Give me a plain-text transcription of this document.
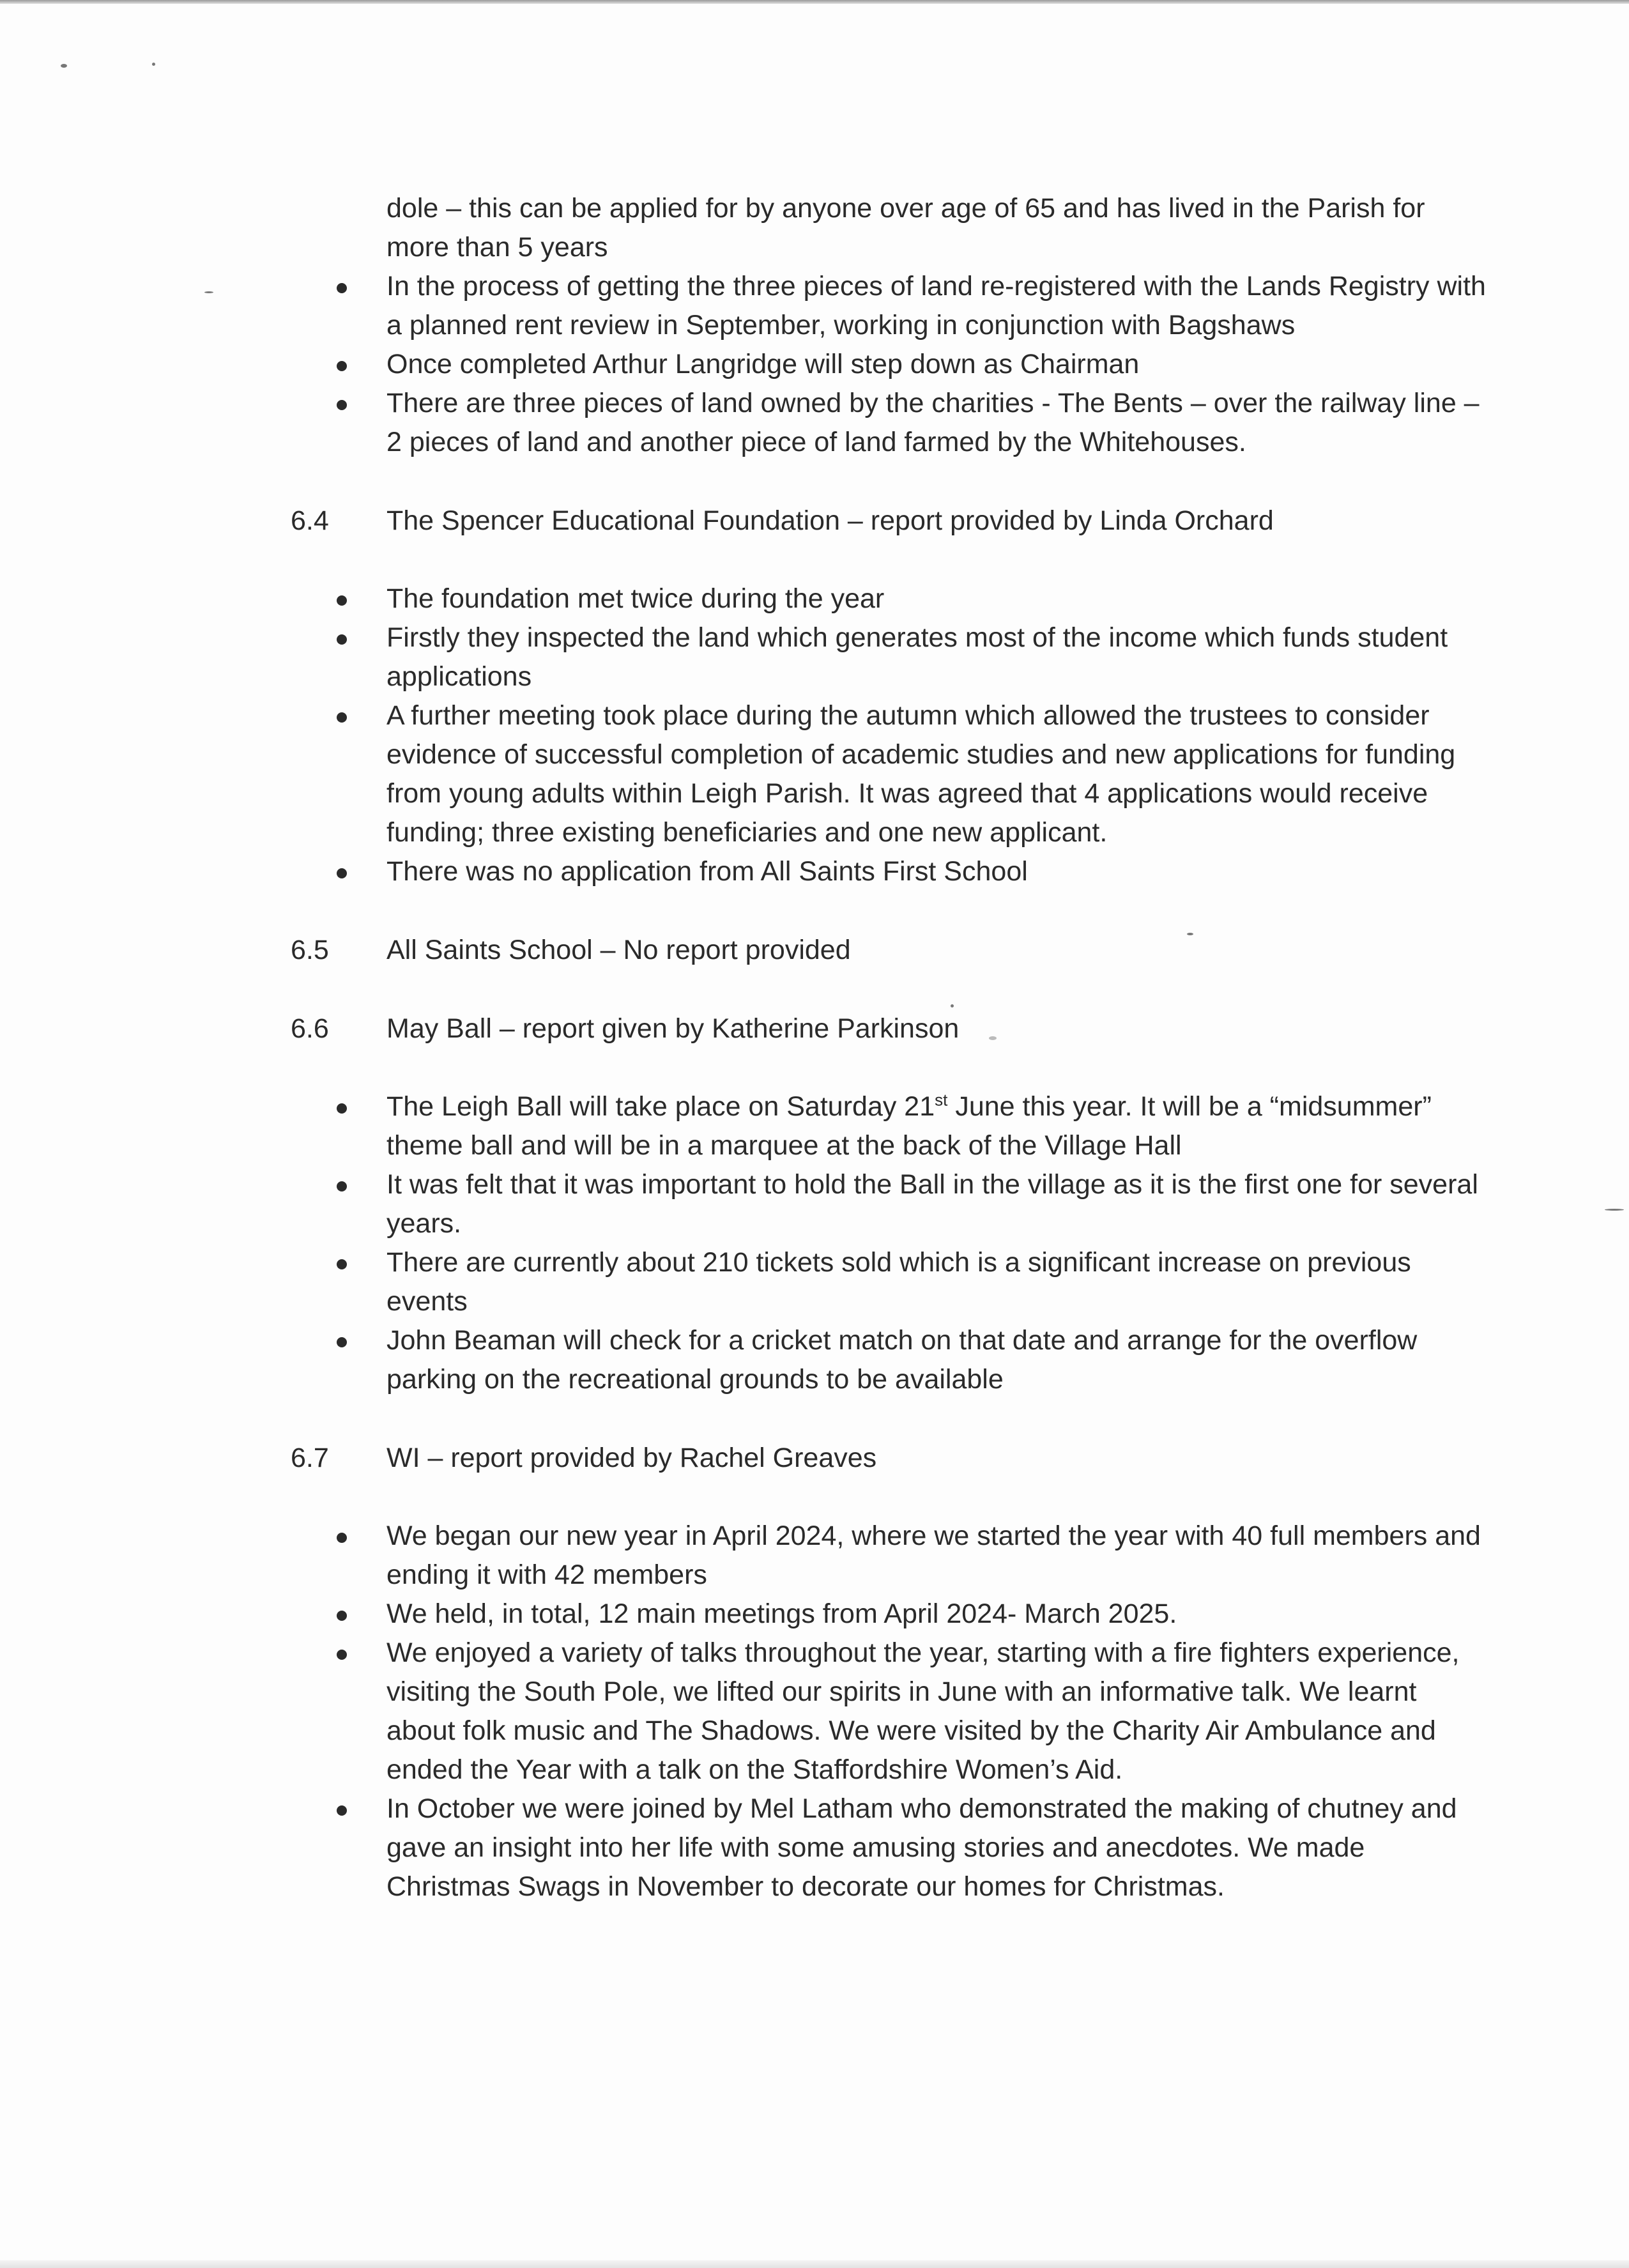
dole – this can be applied for by anyone over age of 65 and has lived in the Parish for more than 5 years
In the process of getting the three pieces of land re-registered with the Lands Registry with a planned rent review in September, working in conjunction with Bagshaws
Once completed Arthur Langridge will step down as Chairman
There are three pieces of land owned by the charities - The Bents – over the railway line – 2 pieces of land and another piece of land farmed by the Whitehouses.
6.4	The Spencer Educational Foundation – report provided by Linda Orchard
The foundation met twice during the year
Firstly they inspected the land which generates most of the income which funds student applications
A further meeting took place during the autumn which allowed the trustees to consider evidence of successful completion of academic studies and new applications for funding from young adults within Leigh Parish. It was agreed that 4 applications would receive funding; three existing beneficiaries and one new applicant.
There was no application from All Saints First School
6.5	All Saints School – No report provided
6.6	May Ball – report given by Katherine Parkinson
The Leigh Ball will take place on Saturday 21st June this year. It will be a “midsummer” theme ball and will be in a marquee at the back of the Village Hall
It was felt that it was important to hold the Ball in the village as it is the first one for several years.
There are currently about 210 tickets sold which is a significant increase on previous events
John Beaman will check for a cricket match on that date and arrange for the overflow parking on the recreational grounds to be available
6.7	WI – report provided by Rachel Greaves
We began our new year in April 2024, where we started the year with 40 full members and ending it with 42 members
We held, in total, 12 main meetings from April 2024- March 2025.
We enjoyed a variety of talks throughout the year, starting with a fire fighters experience, visiting the South Pole, we lifted our spirits in June with an informative talk. We learnt about folk music and The Shadows. We were visited by the Charity Air Ambulance and ended the Year with a talk on the Staffordshire Women’s Aid.
In October we were joined by Mel Latham who demonstrated the making of chutney and gave an insight into her life with some amusing stories and anecdotes. We made Christmas Swags in November to decorate our homes for Christmas.
